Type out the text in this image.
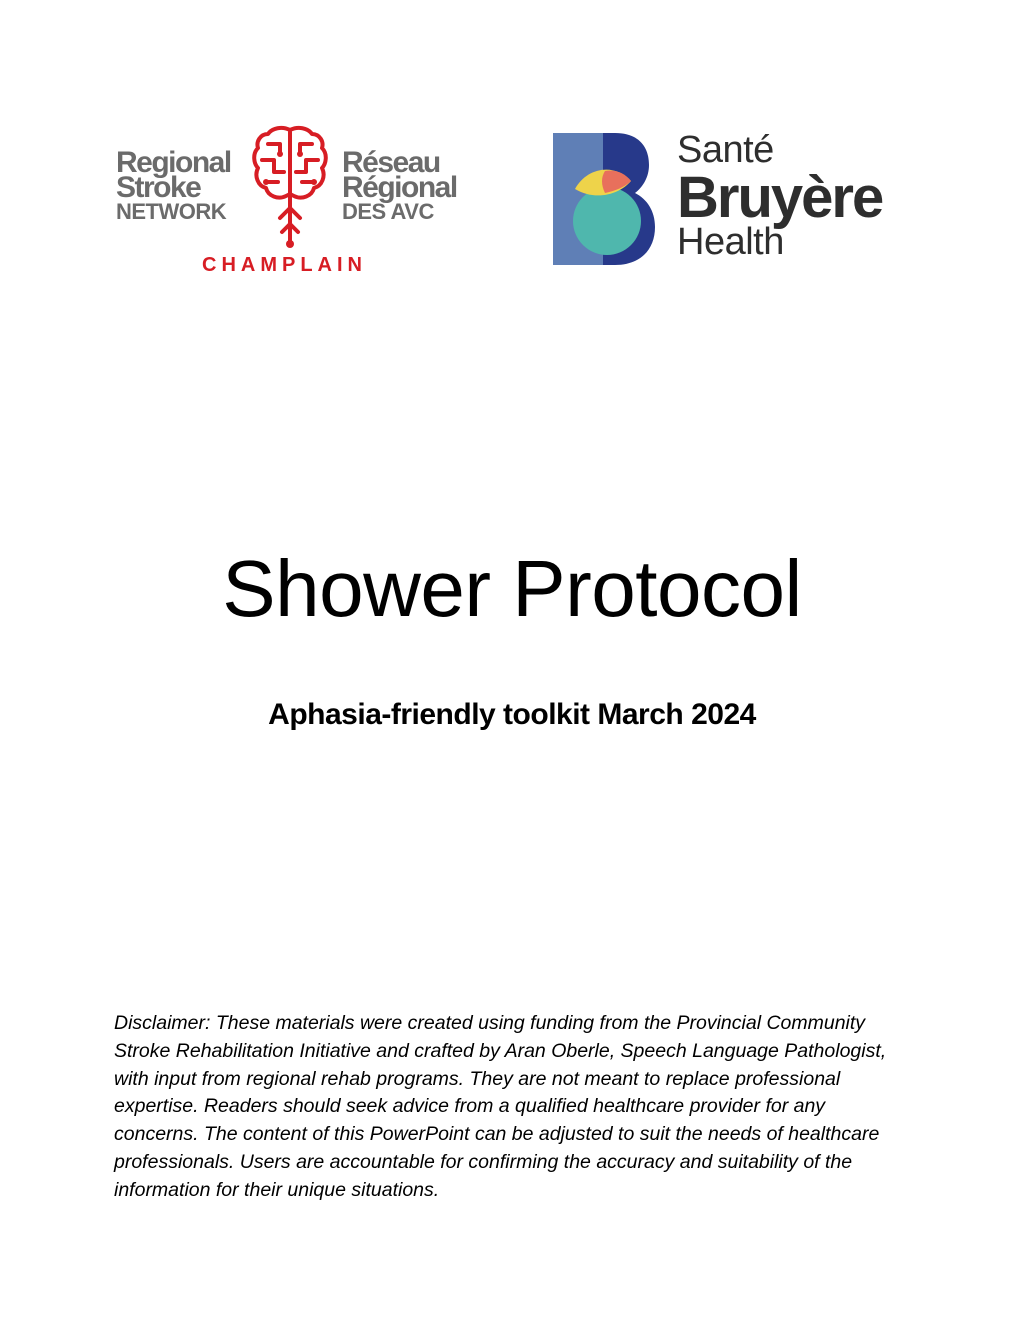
Regional
Stroke
NETWORK
Réseau
Régional
DES AVC
CHAMPLAIN
Santé
Bruyère
Health
Shower Protocol
Aphasia-friendly toolkit March 2024

Disclaimer: These materials were created using funding from the Provincial Community Stroke Rehabilitation Initiative and crafted by Aran Oberle, Speech Language Pathologist, with input from regional rehab programs. They are not meant to replace professional expertise. Readers should seek advice from a qualified healthcare provider for any concerns. The content of this PowerPoint can be adjusted to suit the needs of healthcare professionals. Users are accountable for confirming the accuracy and suitability of the information for their unique situations.
